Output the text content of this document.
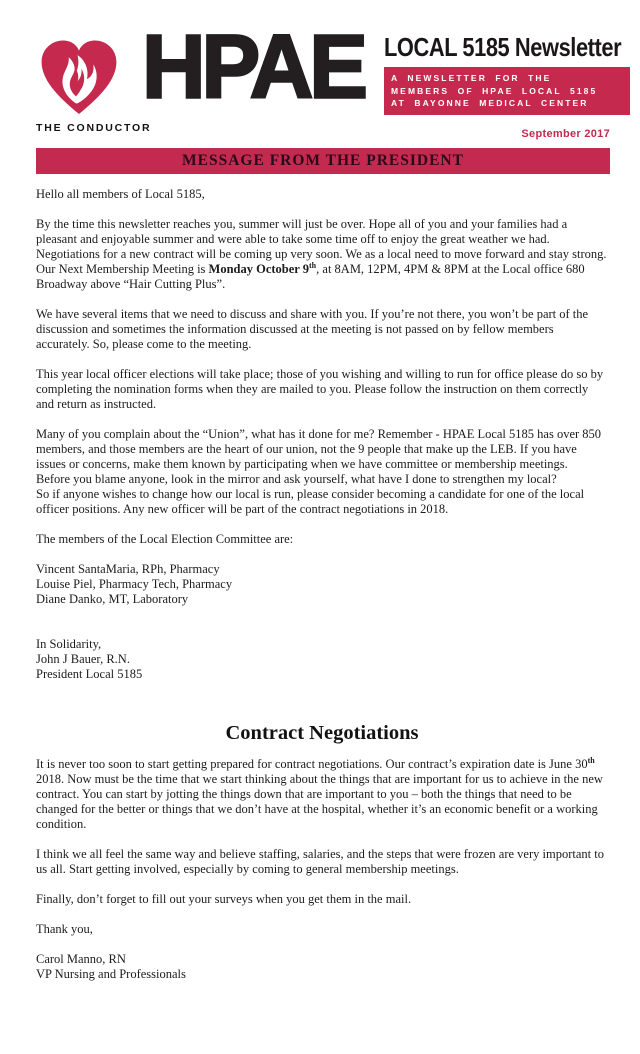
THE CONDUCTOR
HPAE LOCAL 5185 Newsletter
A NEWSLETTER FOR THE
MEMBERS OF HPAE LOCAL 5185
AT BAYONNE MEDICAL CENTER
September 2017
MESSAGE FROM THE PRESIDENT

Hello all members of Local 5185,

By the time this newsletter reaches you, summer will just be over. Hope all of you and your families had a pleasant and enjoyable summer and were able to take some time off to enjoy the great weather we had. Negotiations for a new contract will be coming up very soon. We as a local need to move forward and stay strong. Our Next Membership Meeting is Monday October 9th, at 8AM, 12PM, 4PM & 8PM at the Local office 680 Broadway above “Hair Cutting Plus”.

We have several items that we need to discuss and share with you. If you’re not there, you won’t be part of the discussion and sometimes the information discussed at the meeting is not passed on by fellow members accurately. So, please come to the meeting.

This year local officer elections will take place; those of you wishing and willing to run for office please do so by completing the nomination forms when they are mailed to you. Please follow the instruction on them correctly and return as instructed.

Many of you complain about the “Union”, what has it done for me? Remember - HPAE Local 5185 has over 850 members, and those members are the heart of our union, not the 9 people that make up the LEB. If you have issues or concerns, make them known by participating when we have committee or membership meetings.
Before you blame anyone, look in the mirror and ask yourself, what have I done to strengthen my local?
So if anyone wishes to change how our local is run, please consider becoming a candidate for one of the local officer positions. Any new officer will be part of the contract negotiations in 2018.

The members of the Local Election Committee are:

Vincent SantaMaria, RPh, Pharmacy
Louise Piel, Pharmacy Tech, Pharmacy
Diane Danko, MT, Laboratory

In Solidarity,
John J Bauer, R.N.
President Local 5185

Contract Negotiations

It is never too soon to start getting prepared for contract negotiations. Our contract’s expiration date is June 30th 2018. Now must be the time that we start thinking about the things that are important for us to achieve in the new contract. You can start by jotting the things down that are important to you – both the things that need to be changed for the better or things that we don’t have at the hospital, whether it’s an economic benefit or a working condition.

I think we all feel the same way and believe staffing, salaries, and the steps that were frozen are very important to us all. Start getting involved, especially by coming to general membership meetings.

Finally, don’t forget to fill out your surveys when you get them in the mail.

Thank you,

Carol Manno, RN
VP Nursing and Professionals
